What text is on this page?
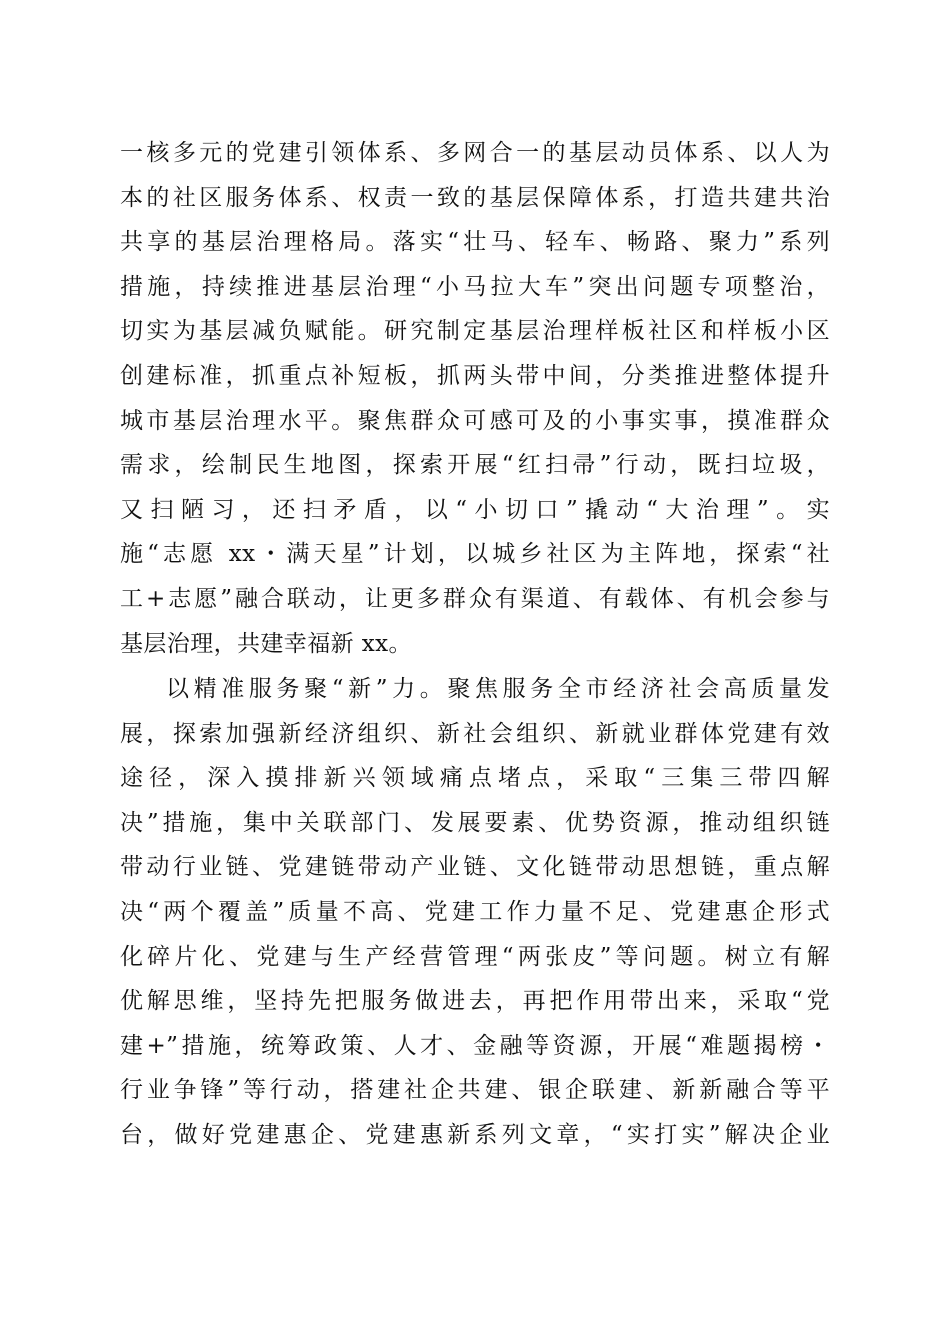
一核多元的党建引领体系、多网合一的基层动员体系、以人为
本的社区服务体系、权责一致的基层保障体系，打造共建共治
共享的基层治理格局。落实“壮马、轻车、畅路、聚力”系列
措施，持续推进基层治理“小马拉大车”突出问题专项整治，
切实为基层减负赋能。研究制定基层治理样板社区和样板小区
创建标准，抓重点补短板，抓两头带中间，分类推进整体提升
城市基层治理水平。聚焦群众可感可及的小事实事，摸准群众
需求，绘制民生地图，探索开展“红扫帚”行动，既扫垃圾，
又扫陋习，还扫矛盾，以“小切口”撬动“大治理”。实
施“志愿 xx・满天星”计划，以城乡社区为主阵地，探索“社
工+志愿”融合联动，让更多群众有渠道、有载体、有机会参与
基层治理，共建幸福新 xx。
以精准服务聚“新”力。聚焦服务全市经济社会高质量发
展，探索加强新经济组织、新社会组织、新就业群体党建有效
途径，深入摸排新兴领域痛点堵点，采取“三集三带四解
决”措施，集中关联部门、发展要素、优势资源，推动组织链
带动行业链、党建链带动产业链、文化链带动思想链，重点解
决“两个覆盖”质量不高、党建工作力量不足、党建惠企形式
化碎片化、党建与生产经营管理“两张皮”等问题。树立有解
优解思维，坚持先把服务做进去，再把作用带出来，采取“党
建+”措施，统筹政策、人才、金融等资源，开展“难题揭榜・
行业争锋”等行动，搭建社企共建、银企联建、新新融合等平
台，做好党建惠企、党建惠新系列文章，“实打实”解决企业
